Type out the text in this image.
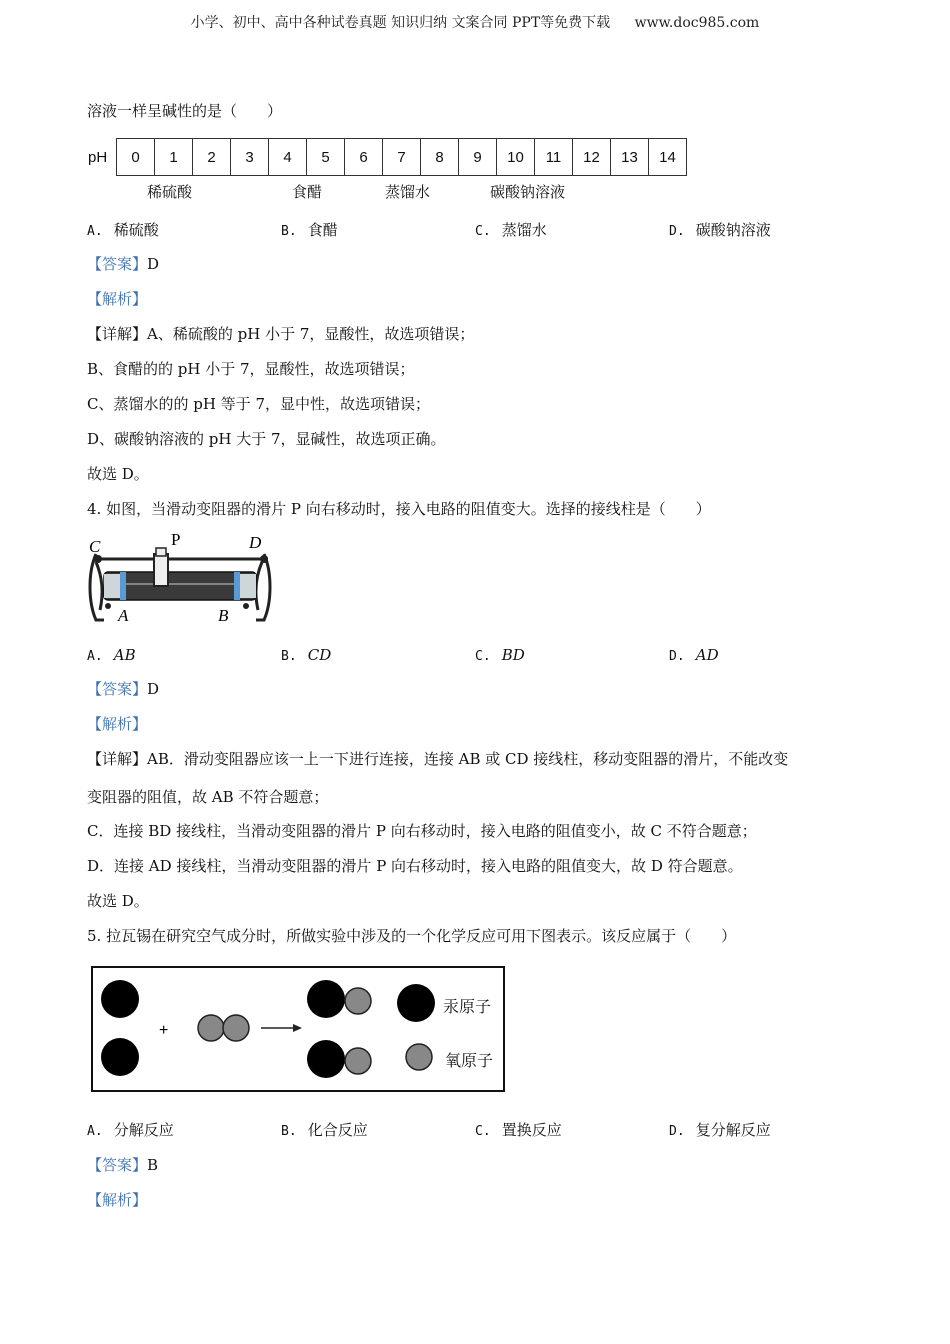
小学、初中、高中各种试卷真题 知识归纳 文案合同 PPT等免费下载 www.doc985.com
溶液一样呈碱性的是（　　）
pH	0	1	2	3	4	5	6	7	8	9	10	11	12	13	14
稀硫酸	食醋	蒸馏水	碳酸钠溶液
A. 稀硫酸	B. 食醋	C. 蒸馏水	D. 碳酸钠溶液
【答案】D
【解析】
【详解】A、稀硫酸的 pH 小于 7，显酸性，故选项错误；
B、食醋的的 pH 小于 7，显酸性，故选项错误；
C、蒸馏水的的 pH 等于 7，显中性，故选项错误；
D、碳酸钠溶液的 pH 大于 7，显碱性，故选项正确。
故选 D。
4. 如图，当滑动变阻器的滑片 P 向右移动时，接入电路的阻值变大。选择的接线柱是（　　）
C	P	D
A	B
A. AB	B. CD	C. BD	D. AD
【答案】D
【解析】
【详解】AB．滑动变阻器应该一上一下进行连接，连接 AB 或 CD 接线柱，移动变阻器的滑片，不能改变
变阻器的阻值，故 AB 不符合题意；
C．连接 BD 接线柱，当滑动变阻器的滑片 P 向右移动时，接入电路的阻值变小，故 C 不符合题意；
D．连接 AD 接线柱，当滑动变阻器的滑片 P 向右移动时，接入电路的阻值变大，故 D 符合题意。
故选 D。
5. 拉瓦锡在研究空气成分时，所做实验中涉及的一个化学反应可用下图表示。该反应属于（　　）
+
汞原子
氧原子
A. 分解反应	B. 化合反应	C. 置换反应	D. 复分解反应
【答案】B
【解析】
